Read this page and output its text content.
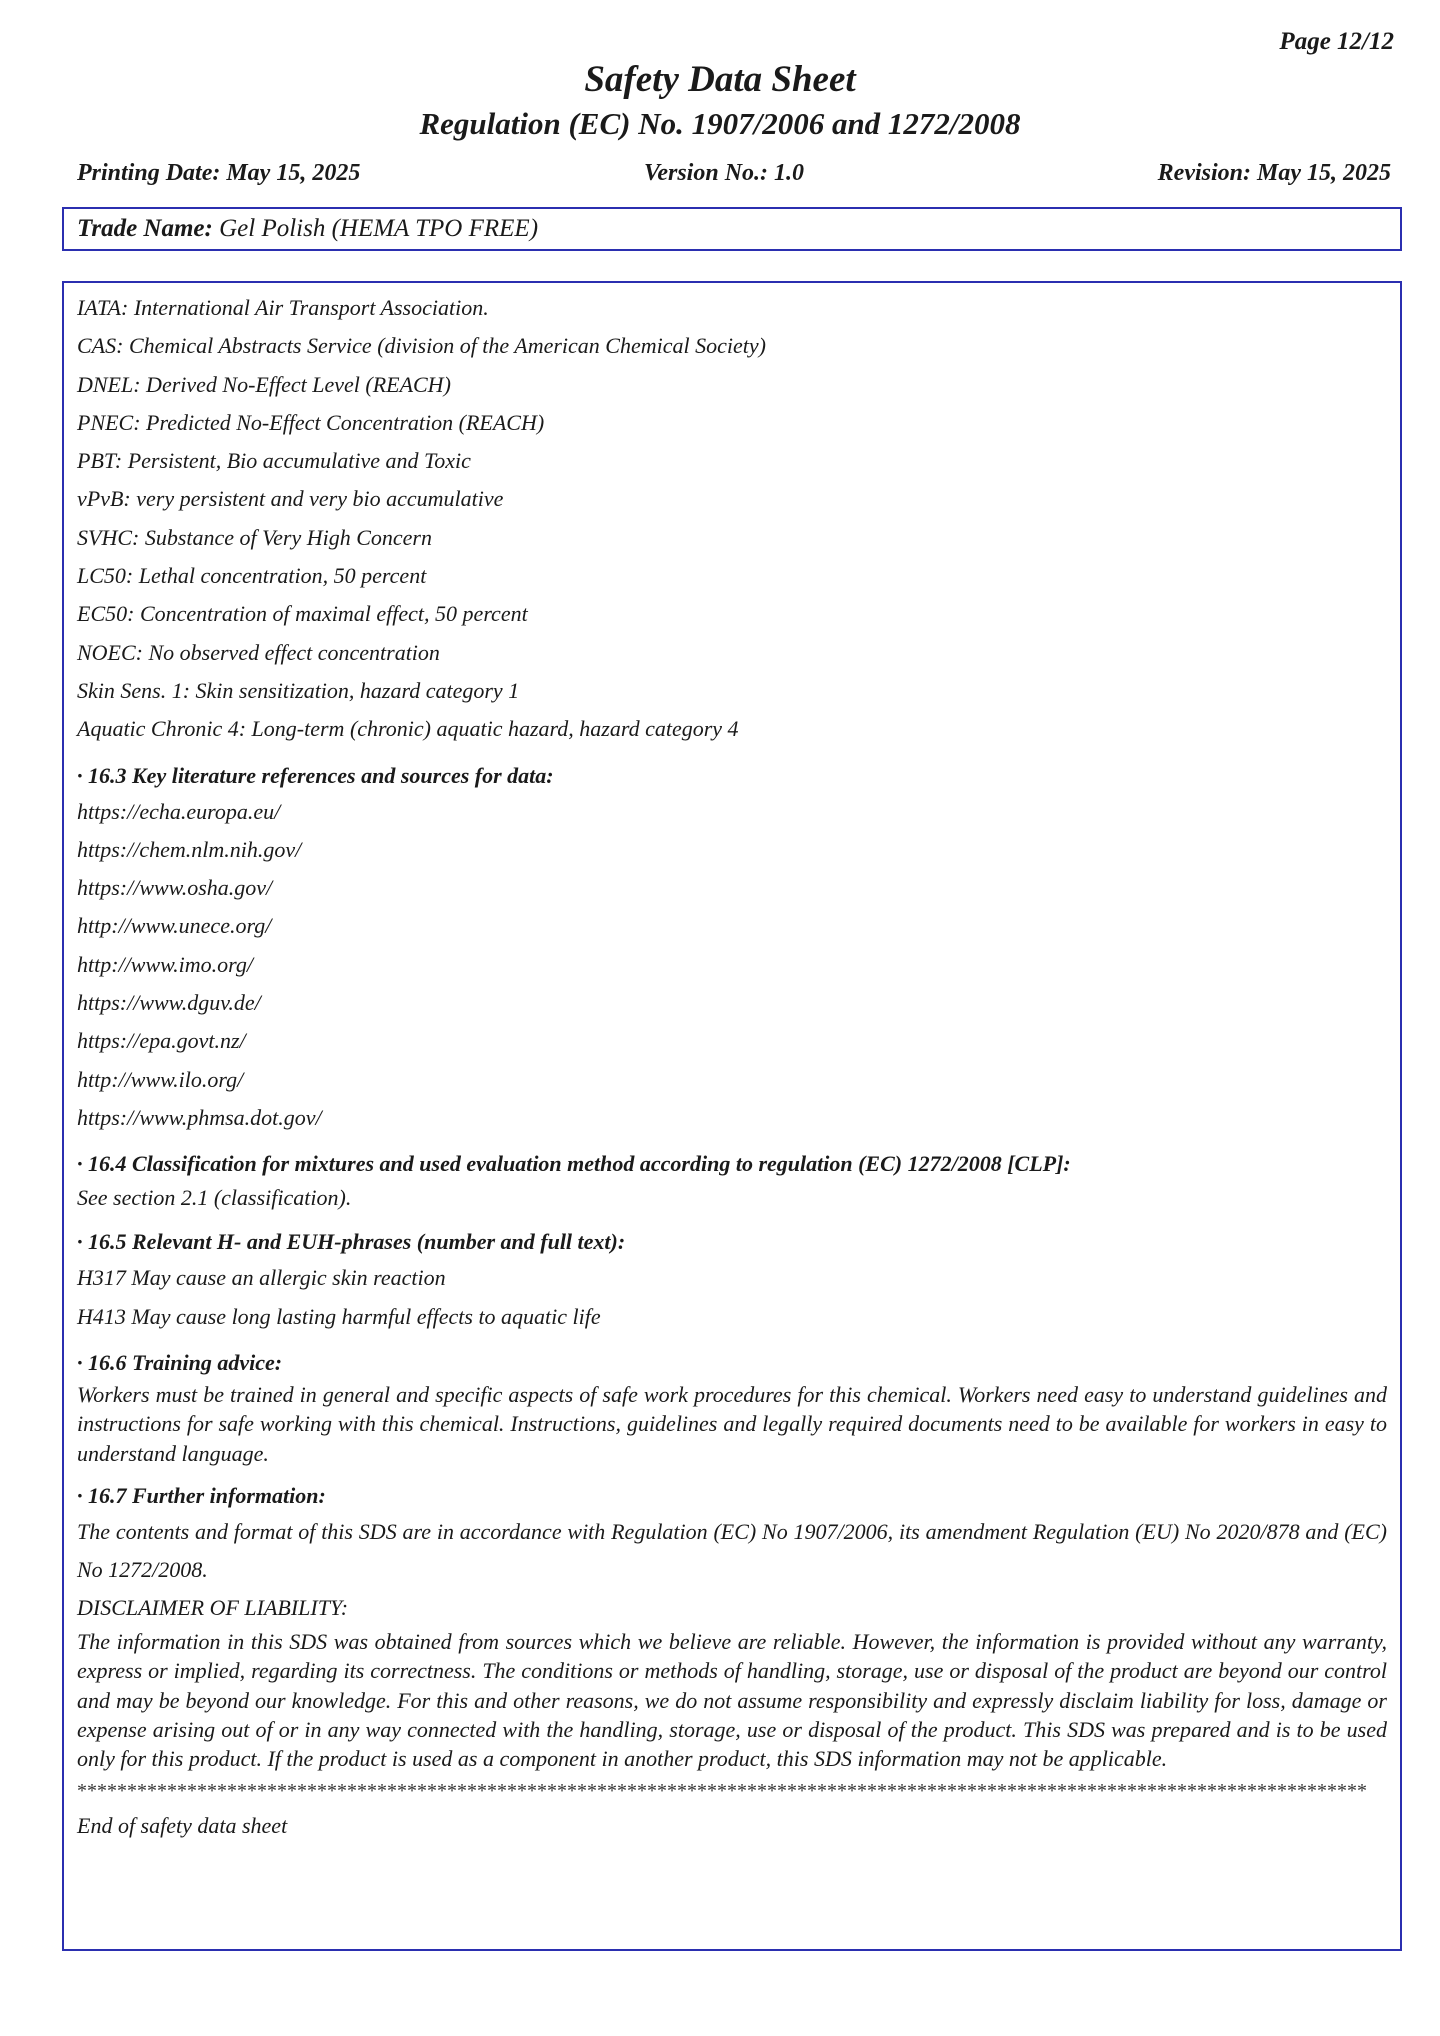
Page 12/12
Safety Data Sheet
Regulation (EC) No. 1907/2006 and 1272/2008
Printing Date: May 15, 2025	Version No.: 1.0	Revision: May 15, 2025
Trade Name: Gel Polish (HEMA TPO FREE)
IATA: International Air Transport Association.
CAS: Chemical Abstracts Service (division of the American Chemical Society)
DNEL: Derived No-Effect Level (REACH)
PNEC: Predicted No-Effect Concentration (REACH)
PBT: Persistent, Bio accumulative and Toxic
vPvB: very persistent and very bio accumulative
SVHC: Substance of Very High Concern
LC50: Lethal concentration, 50 percent
EC50: Concentration of maximal effect, 50 percent
NOEC: No observed effect concentration
Skin Sens. 1: Skin sensitization, hazard category 1
Aquatic Chronic 4: Long-term (chronic) aquatic hazard, hazard category 4
· 16.3 Key literature references and sources for data:
https://echa.europa.eu/
https://chem.nlm.nih.gov/
https://www.osha.gov/
http://www.unece.org/
http://www.imo.org/
https://www.dguv.de/
https://epa.govt.nz/
http://www.ilo.org/
https://www.phmsa.dot.gov/
· 16.4 Classification for mixtures and used evaluation method according to regulation (EC) 1272/2008 [CLP]:
See section 2.1 (classification).
· 16.5 Relevant H- and EUH-phrases (number and full text):
H317 May cause an allergic skin reaction
H413 May cause long lasting harmful effects to aquatic life
· 16.6 Training advice:
Workers must be trained in general and specific aspects of safe work procedures for this chemical. Workers need easy to understand guidelines and instructions for safe working with this chemical. Instructions, guidelines and legally required documents need to be available for workers in easy to understand language.
· 16.7 Further information:
The contents and format of this SDS are in accordance with Regulation (EC) No 1907/2006, its amendment Regulation (EU) No 2020/878 and (EC) No 1272/2008.
DISCLAIMER OF LIABILITY:
The information in this SDS was obtained from sources which we believe are reliable. However, the information is provided without any warranty, express or implied, regarding its correctness. The conditions or methods of handling, storage, use or disposal of the product are beyond our control and may be beyond our knowledge. For this and other reasons, we do not assume responsibility and expressly disclaim liability for loss, damage or expense arising out of or in any way connected with the handling, storage, use or disposal of the product. This SDS was prepared and is to be used only for this product. If the product is used as a component in another product, this SDS information may not be applicable.
*********************************************************************************************************************************
End of safety data sheet
